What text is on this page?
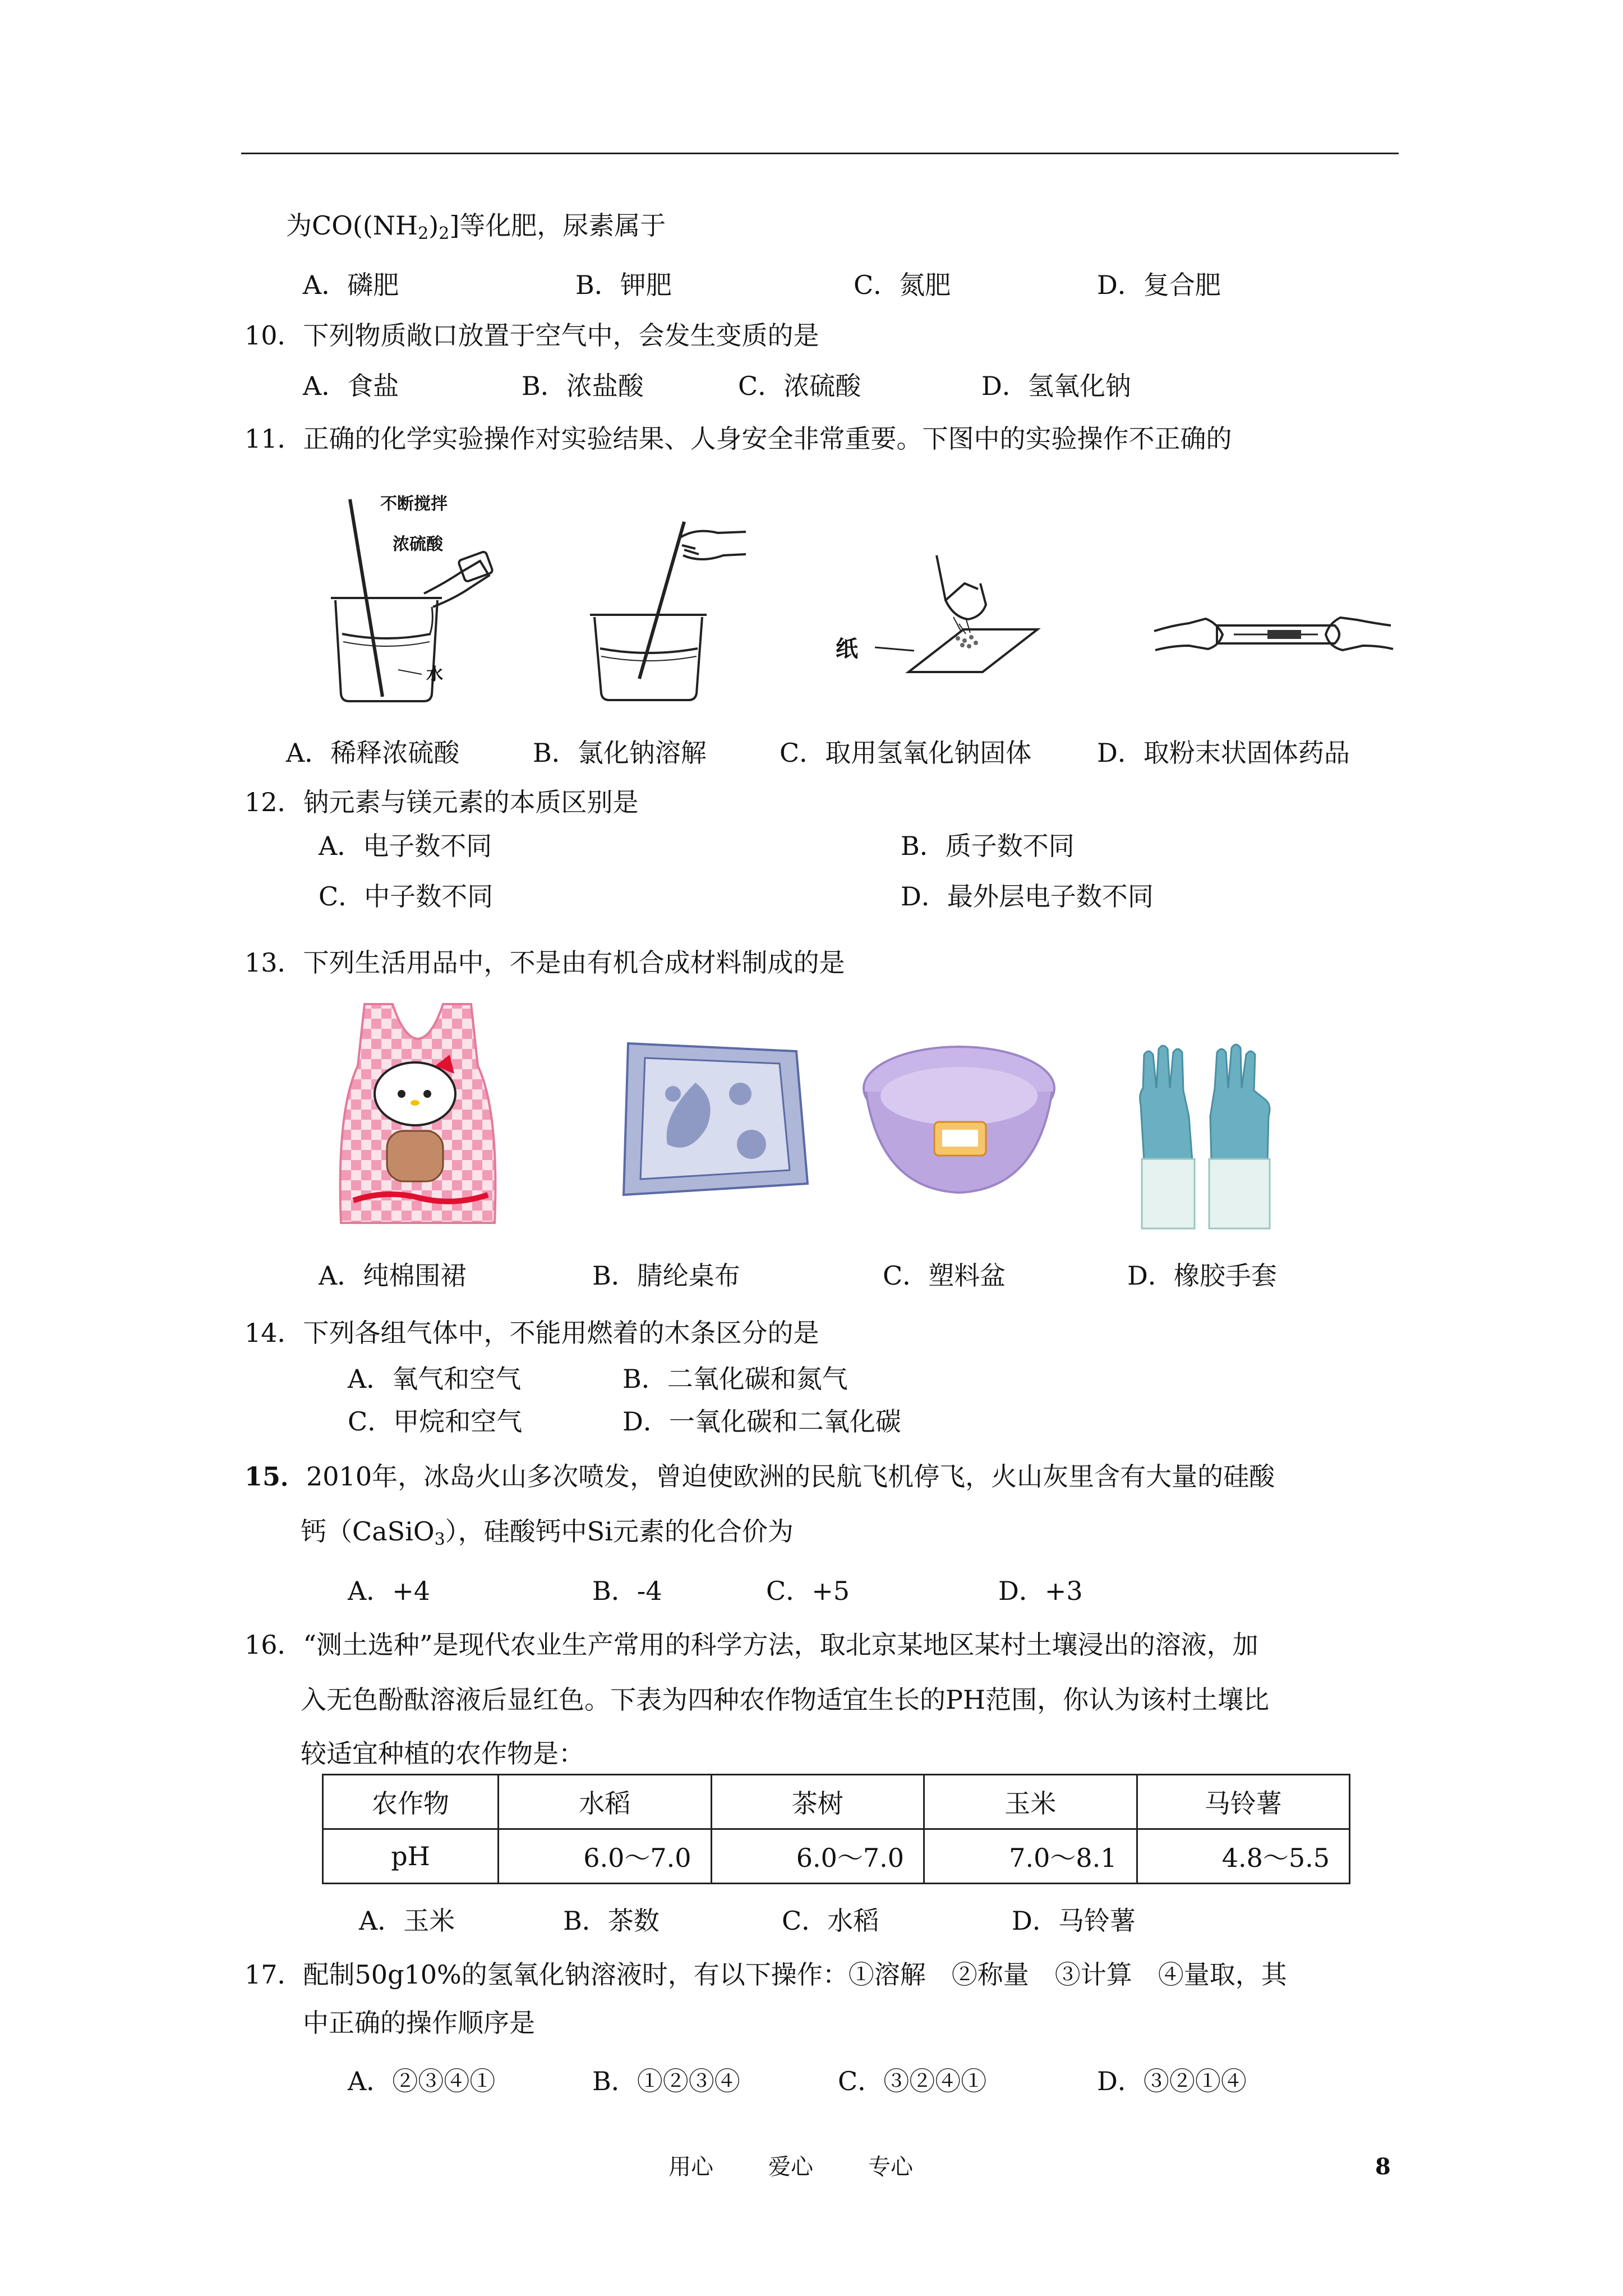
为$CO((NH_2)_2]$等化肥，尿素属于
A．磷肥	B．钾肥	C．氮肥	D．复合肥
10．下列物质敞口放置于空气中，会发生变质的是
A．食盐	B．浓盐酸	C．浓硫酸	D．氢氧化钠
11．正确的化学实验操作对实验结果、人身安全非常重要。下图中的实验操作不正确的
不断搅拌
浓硫酸
水
纸
A．稀释浓硫酸	B．氯化钠溶解	C．取用氢氧化钠固体	D．取粉末状固体药品
12．钠元素与镁元素的本质区别是
A．电子数不同	B．质子数不同
C．中子数不同	D．最外层电子数不同
13．下列生活用品中，不是由有机合成材料制成的是
A．纯棉围裙	B．腈纶桌布	C．塑料盆	D．橡胶手套
14．下列各组气体中，不能用燃着的木条区分的是
A．氧气和空气	B．二氧化碳和氮气
C．甲烷和空气	D．一氧化碳和二氧化碳
15．2010年，冰岛火山多次喷发，曾迫使欧洲的民航飞机停飞，火山灰里含有大量的硅酸
钙（CaSiO$_3$），硅酸钙中Si元素的化合价为
A．+4	B．-4	C．+5	D．+3
16．“测土选种”是现代农业生产常用的科学方法，取北京某地区某村土壤浸出的溶液，加
入无色酚酞溶液后显红色。下表为四种农作物适宜生长的PH范围，你认为该村土壤比
较适宜种植的农作物是：
农作物	水稻	茶树	玉米	马铃薯
pH	6.0～7.0	6.0～7.0	7.0～8.1	4.8～5.5
A．玉米	B．茶数	C．水稻	D．马铃薯
17．配制50g10%的氢氧化钠溶液时，有以下操作：①溶解　②称量　③计算　④量取，其
中正确的操作顺序是
A．②③④①	B．①②③④	C．③②④①	D．③②①④
用心 爱心 专心	8
